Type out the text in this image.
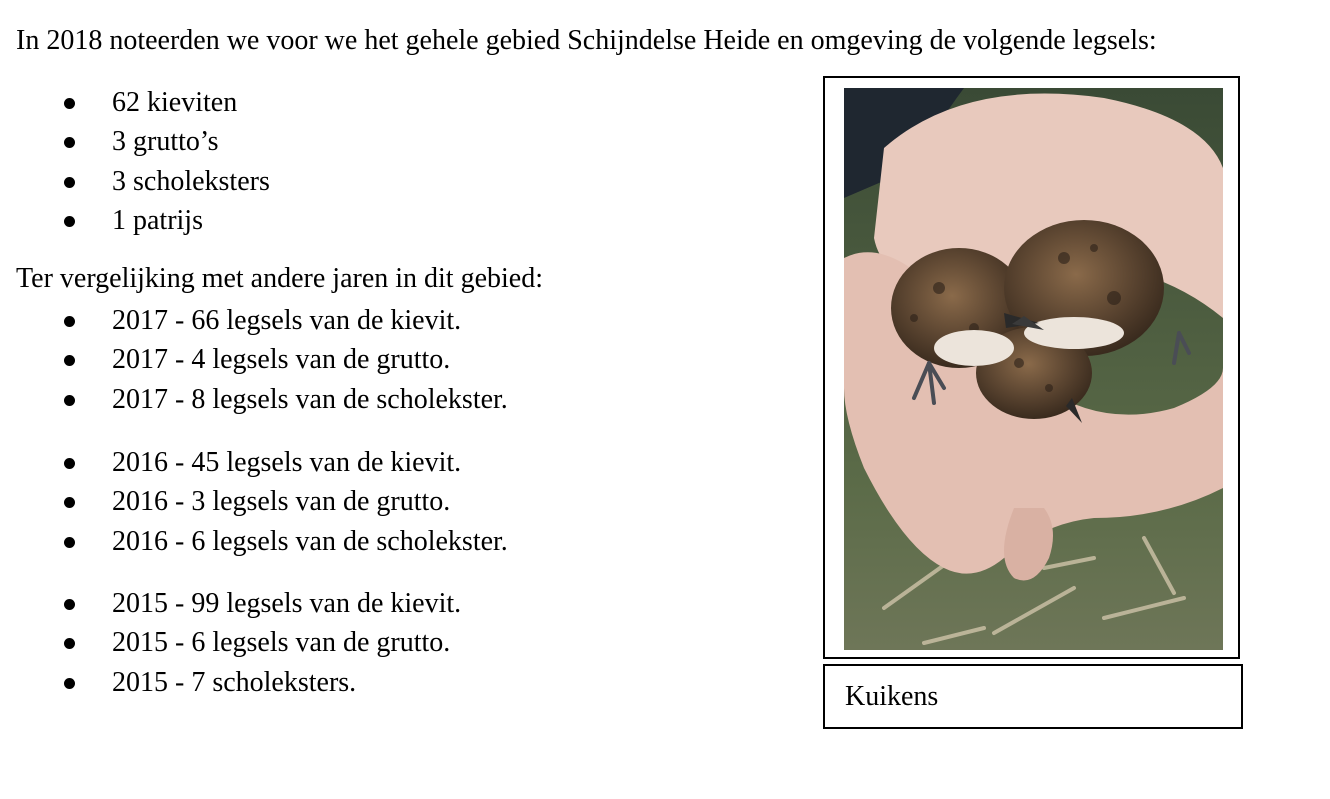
In 2018 noteerden we voor we het gehele gebied Schijndelse Heide en omgeving de volgende legsels:
62 kieviten
3 grutto’s
3 scholeksters
1 patrijs
Ter vergelijking met andere jaren in dit gebied:
2017 - 66 legsels van de kievit.
2017 - 4 legsels van de grutto.
2017 - 8 legsels van de scholekster.
2016 - 45 legsels van de kievit.
2016 - 3 legsels van de grutto.
2016 - 6 legsels van de scholekster.
2015 - 99 legsels van de kievit.
2015 - 6 legsels van de grutto.
2015 - 7 scholeksters.	Kuikens
